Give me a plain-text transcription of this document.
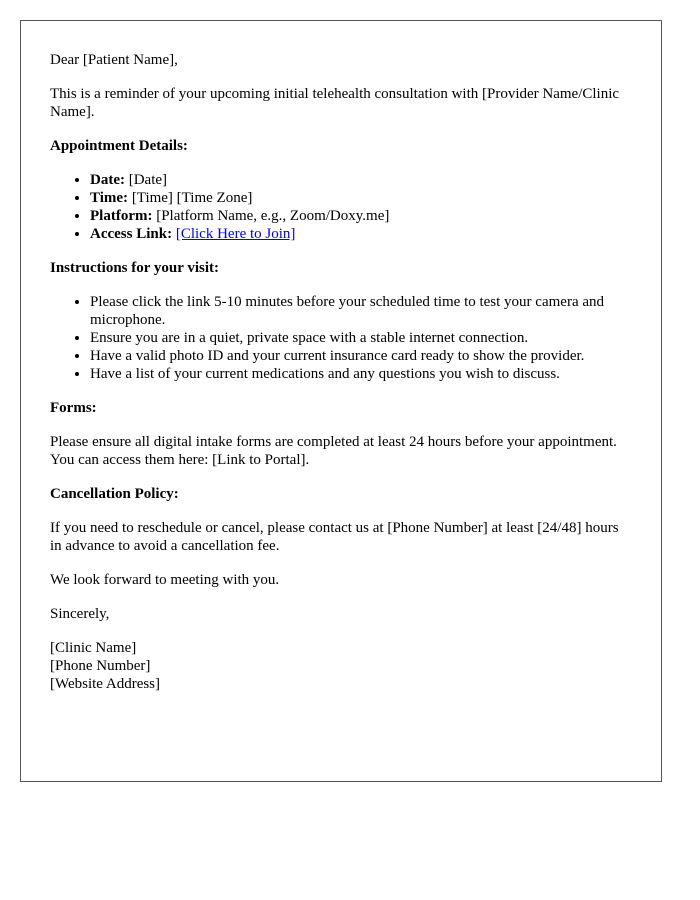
Dear [Patient Name],

This is a reminder of your upcoming initial telehealth consultation with [Provider Name/Clinic Name].

Appointment Details:

• Date: [Date]
• Time: [Time] [Time Zone]
• Platform: [Platform Name, e.g., Zoom/Doxy.me]
• Access Link: [Click Here to Join]

Instructions for your visit:

• Please click the link 5-10 minutes before your scheduled time to test your camera and microphone.
• Ensure you are in a quiet, private space with a stable internet connection.
• Have a valid photo ID and your current insurance card ready to show the provider.
• Have a list of your current medications and any questions you wish to discuss.

Forms:

Please ensure all digital intake forms are completed at least 24 hours before your appointment. You can access them here: [Link to Portal].

Cancellation Policy:

If you need to reschedule or cancel, please contact us at [Phone Number] at least [24/48] hours in advance to avoid a cancellation fee.

We look forward to meeting with you.

Sincerely,

[Clinic Name]
[Phone Number]
[Website Address]
